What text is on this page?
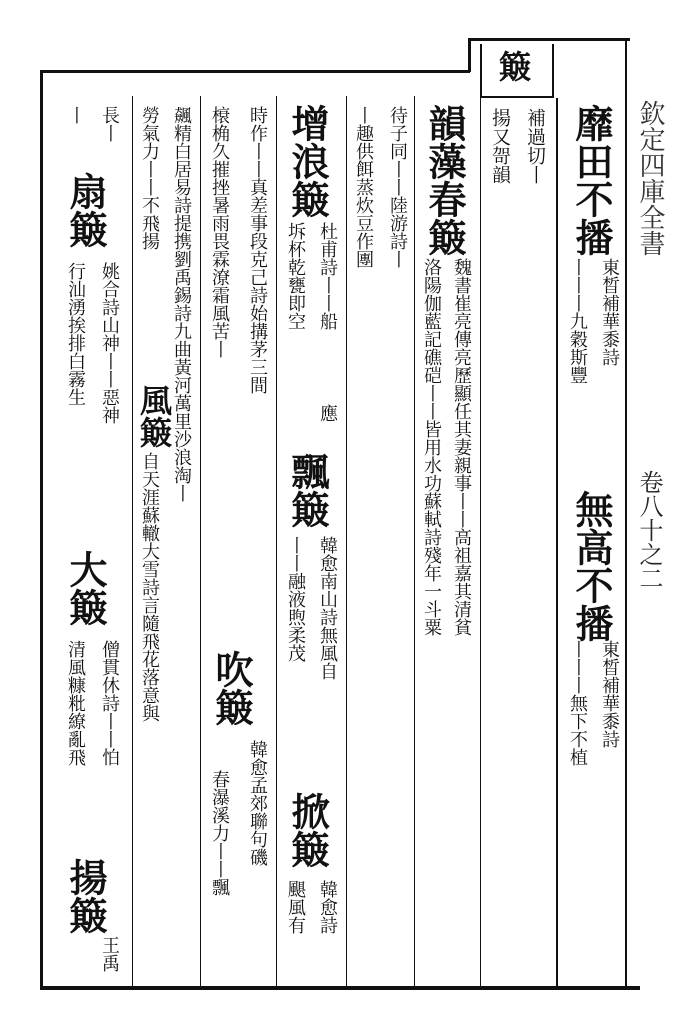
欽定四庫全書
卷八十之二
簸
補過切丨
揚又哿韻 靡田不播
東晳補華黍詩
丨丨丨九穀斯豐
無高不播
東晳補華黍詩
丨丨丨無下不植
韻藻春簸
魏書崔亮傳亮歷顯任其妻親事丨丨高祖嘉其清貧
洛陽伽藍記礁硙丨丨皆用水功蘇軾詩殘年一斗粟
待子同丨丨陸游詩丨
丨趣供餌蒸炊豆作團
增浪簸
杜甫詩丨丨船
坼杯乾甕即空
應
飄簸
韓愈南山詩無風自
丨丨融液煦柔茂
掀簸
韓愈詩
颶風有
時作丨丨真差事段克己詩始搆茅三間
吹簸
韓愈孟郊聯句磯
榱桷久摧挫暑雨畏霖潦霜風苦丨
春瀑溪力丨丨飄
飆精白居易詩提携劉禹錫詩九曲黃河萬里沙浪淘丨
勞氣力丨丨不飛揚
風簸
自天涯蘇轍大雪詩言隨飛花落意與
長丨
丨
扇簸
姚合詩山神丨丨惡神
行汕湧挨排白霧生
大簸
僧貫休詩丨丨怕
清風糠粃繚亂飛
揚簸
王禹
